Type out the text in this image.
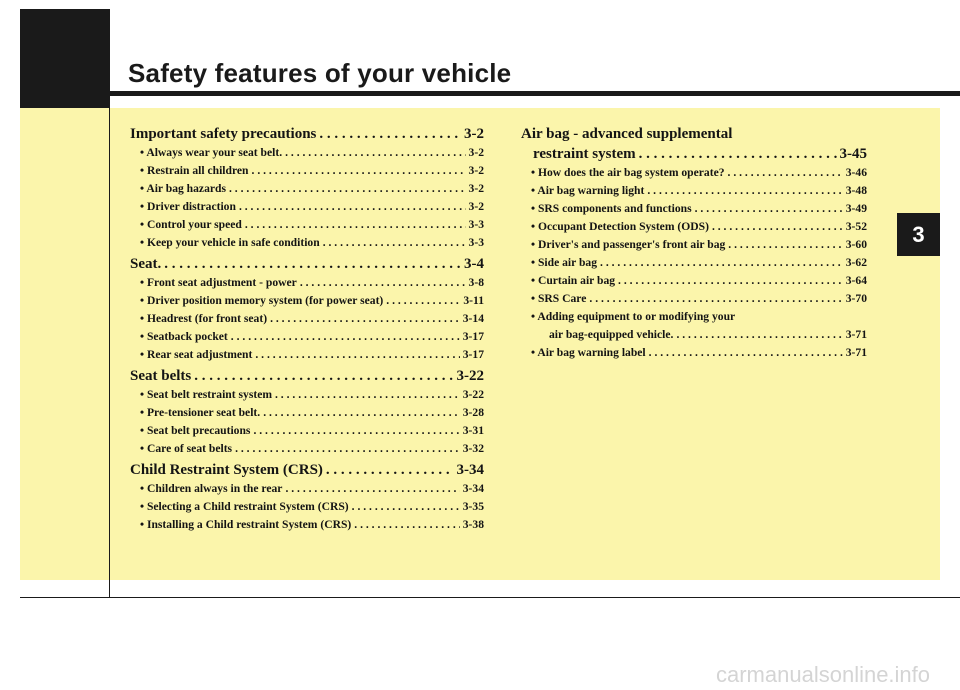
Safety features of your vehicle
3
Important safety precautions . . .	3-2
• Always wear your seat belt. . . .	3-2
• Restrain all children . . .	3-2
• Air bag hazards . . .	3-2
• Driver distraction . . .	3-2
• Control your speed . . .	3-3
• Keep your vehicle in safe condition . . .	3-3
Seat. . . .	3-4
• Front seat adjustment - power . . .	3-8
• Driver position memory system (for power seat) . . .	3-11
• Headrest (for front seat) . . .	3-14
• Seatback pocket . . .	3-17
• Rear seat adjustment . . .	3-17
Seat belts . . .	3-22
• Seat belt restraint system . . .	3-22
• Pre-tensioner seat belt. . . .	3-28
• Seat belt precautions . . .	3-31
• Care of seat belts . . .	3-32
Child Restraint System (CRS) . . .	3-34
• Children always in the rear . . .	3-34
• Selecting a Child restraint System (CRS) . . .	3-35
• Installing a Child restraint System (CRS) . . .	3-38
Air bag - advanced supplemental
restraint system . . .	3-45
• How does the air bag system operate? . . .	3-46
• Air bag warning light . . .	3-48
• SRS components and functions . . .	3-49
• Occupant Detection System (ODS) . . .	3-52
• Driver's and passenger's front air bag . . .	3-60
• Side air bag . . .	3-62
• Curtain air bag . . .	3-64
• SRS Care . . .	3-70
• Adding equipment to or modifying your
air bag-equipped vehicle. . . .	3-71
• Air bag warning label . . .	3-71
carmanualsonline.info
